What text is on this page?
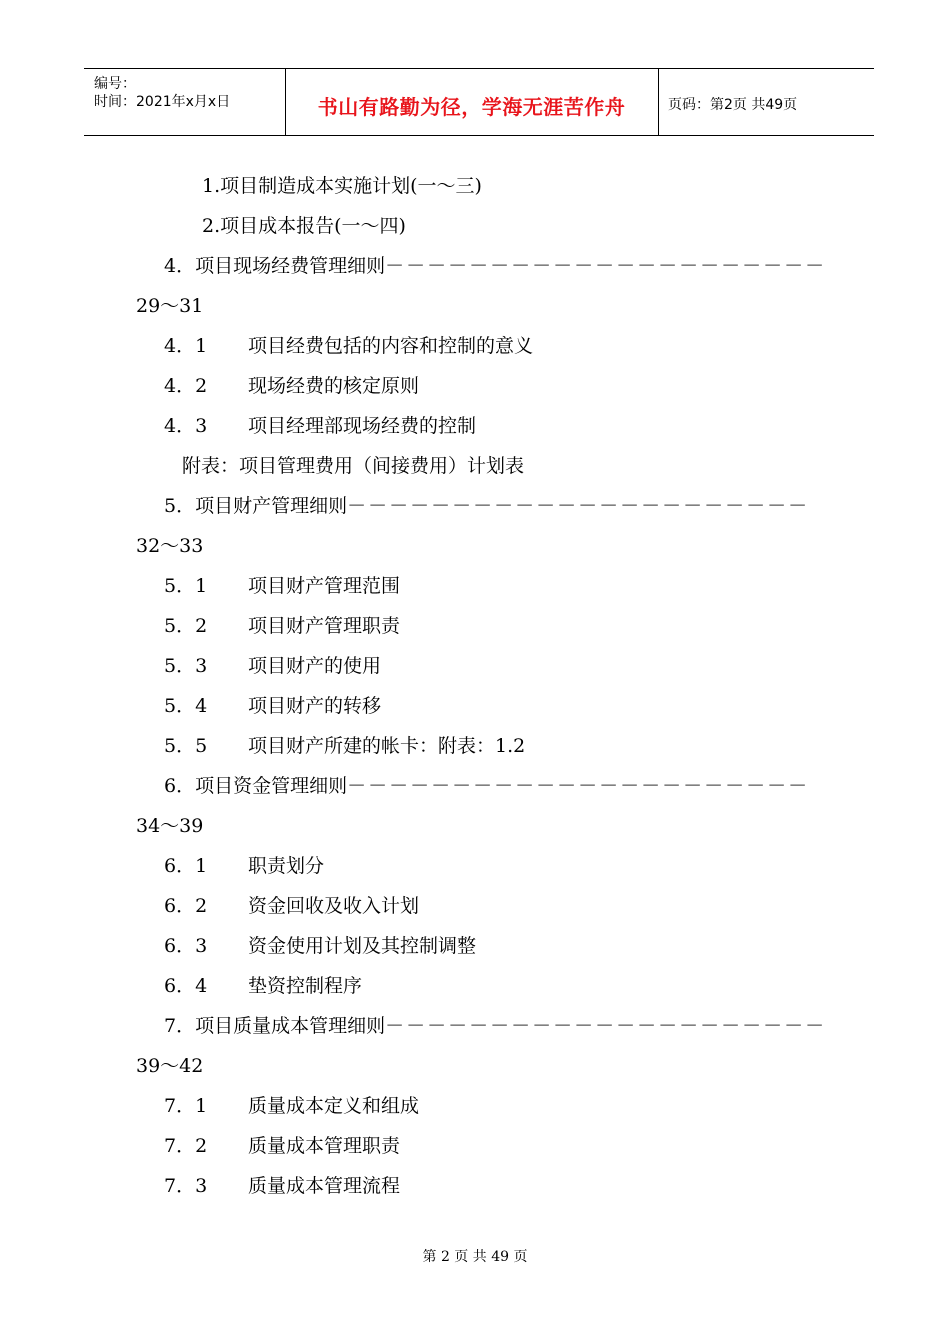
编号：
时间：2021年x月x日	书山有路勤为径，学海无涯苦作舟	页码：第2页 共49页
1.项目制造成本实施计划(一～三)
2.项目成本报告(一～四)
4．项目现场经费管理细则－－－－－－－－－－－－－－－－－－－－－
29～31
4．1 项目经费包括的内容和控制的意义
4．2 现场经费的核定原则
4．3 项目经理部现场经费的控制
附表：项目管理费用（间接费用）计划表
5．项目财产管理细则－－－－－－－－－－－－－－－－－－－－－－
32～33
5．1 项目财产管理范围
5．2 项目财产管理职责
5．3 项目财产的使用
5．4 项目财产的转移
5．5 项目财产所建的帐卡：附表：1.2
6．项目资金管理细则－－－－－－－－－－－－－－－－－－－－－－
34～39
6．1 职责划分
6．2 资金回收及收入计划
6．3 资金使用计划及其控制调整
6．4 垫资控制程序
7．项目质量成本管理细则－－－－－－－－－－－－－－－－－－－－－
39～42
7．1 质量成本定义和组成
7．2 质量成本管理职责
7．3 质量成本管理流程
第 2 页 共 49 页
